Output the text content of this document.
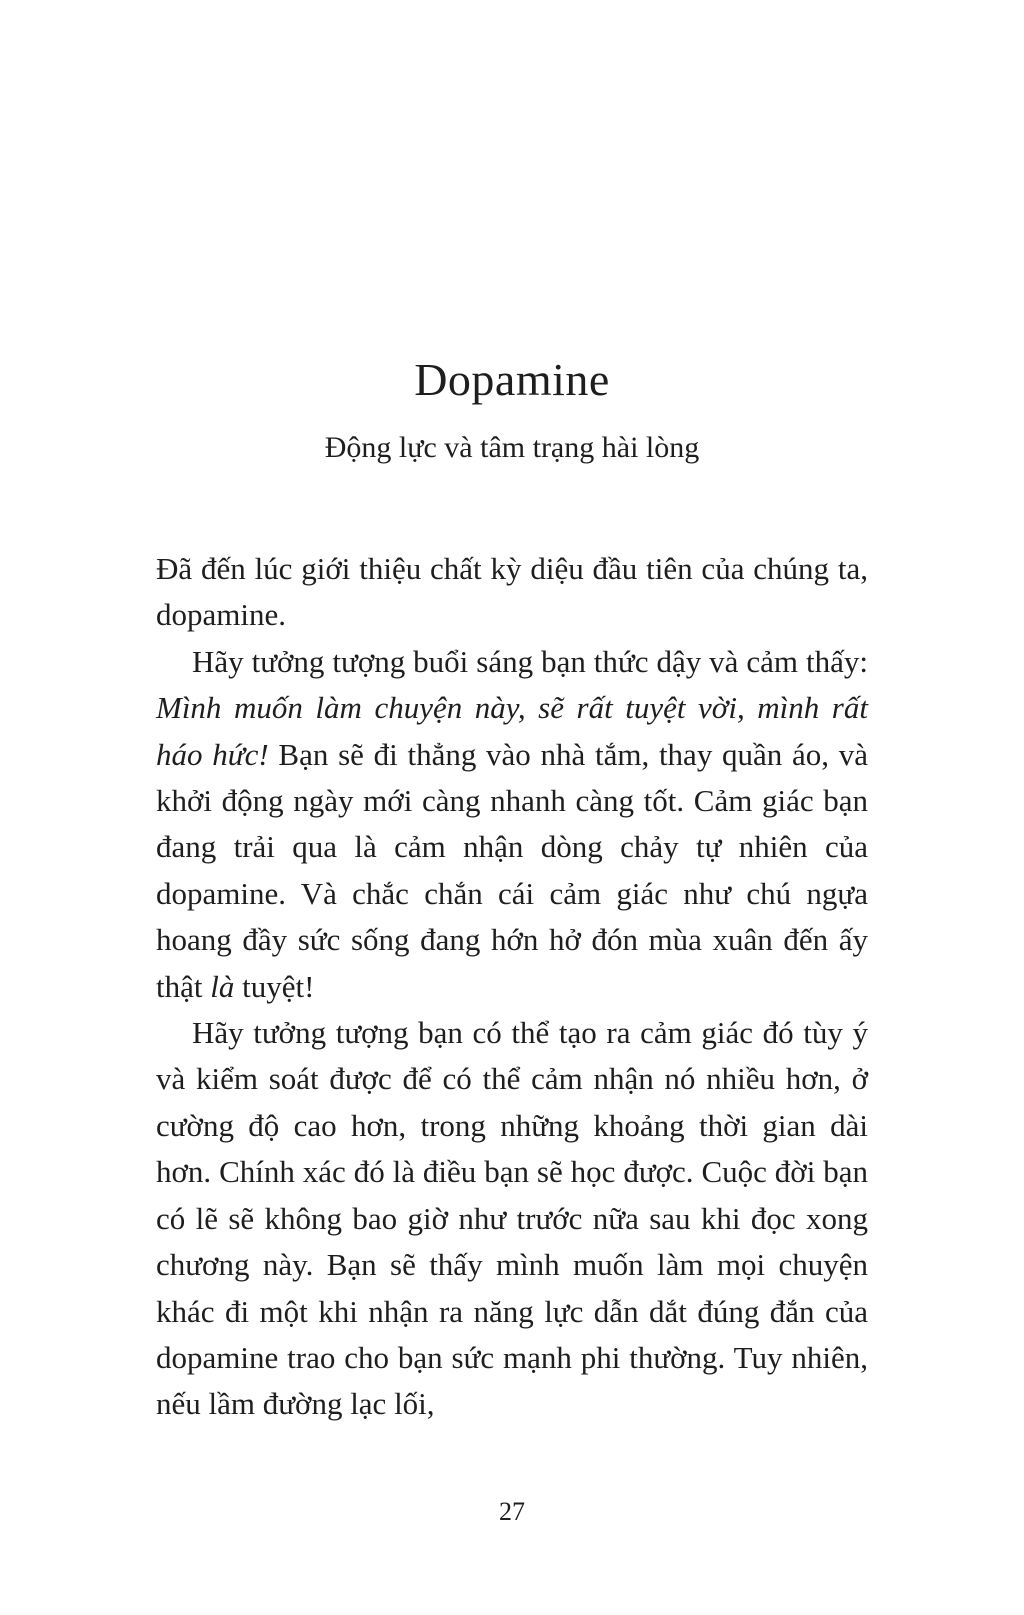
Dopamine
Động lực và tâm trạng hài lòng

Đã đến lúc giới thiệu chất kỳ diệu đầu tiên của chúng ta, dopamine.

Hãy tưởng tượng buổi sáng bạn thức dậy và cảm thấy: Mình muốn làm chuyện này, sẽ rất tuyệt vời, mình rất háo hức! Bạn sẽ đi thẳng vào nhà tắm, thay quần áo, và khởi động ngày mới càng nhanh càng tốt. Cảm giác bạn đang trải qua là cảm nhận dòng chảy tự nhiên của dopamine. Và chắc chắn cái cảm giác như chú ngựa hoang đầy sức sống đang hớn hở đón mùa xuân đến ấy thật là tuyệt!

Hãy tưởng tượng bạn có thể tạo ra cảm giác đó tùy ý và kiểm soát được để có thể cảm nhận nó nhiều hơn, ở cường độ cao hơn, trong những khoảng thời gian dài hơn. Chính xác đó là điều bạn sẽ học được. Cuộc đời bạn có lẽ sẽ không bao giờ như trước nữa sau khi đọc xong chương này. Bạn sẽ thấy mình muốn làm mọi chuyện khác đi một khi nhận ra năng lực dẫn dắt đúng đắn của dopamine trao cho bạn sức mạnh phi thường. Tuy nhiên, nếu lầm đường lạc lối,

27
